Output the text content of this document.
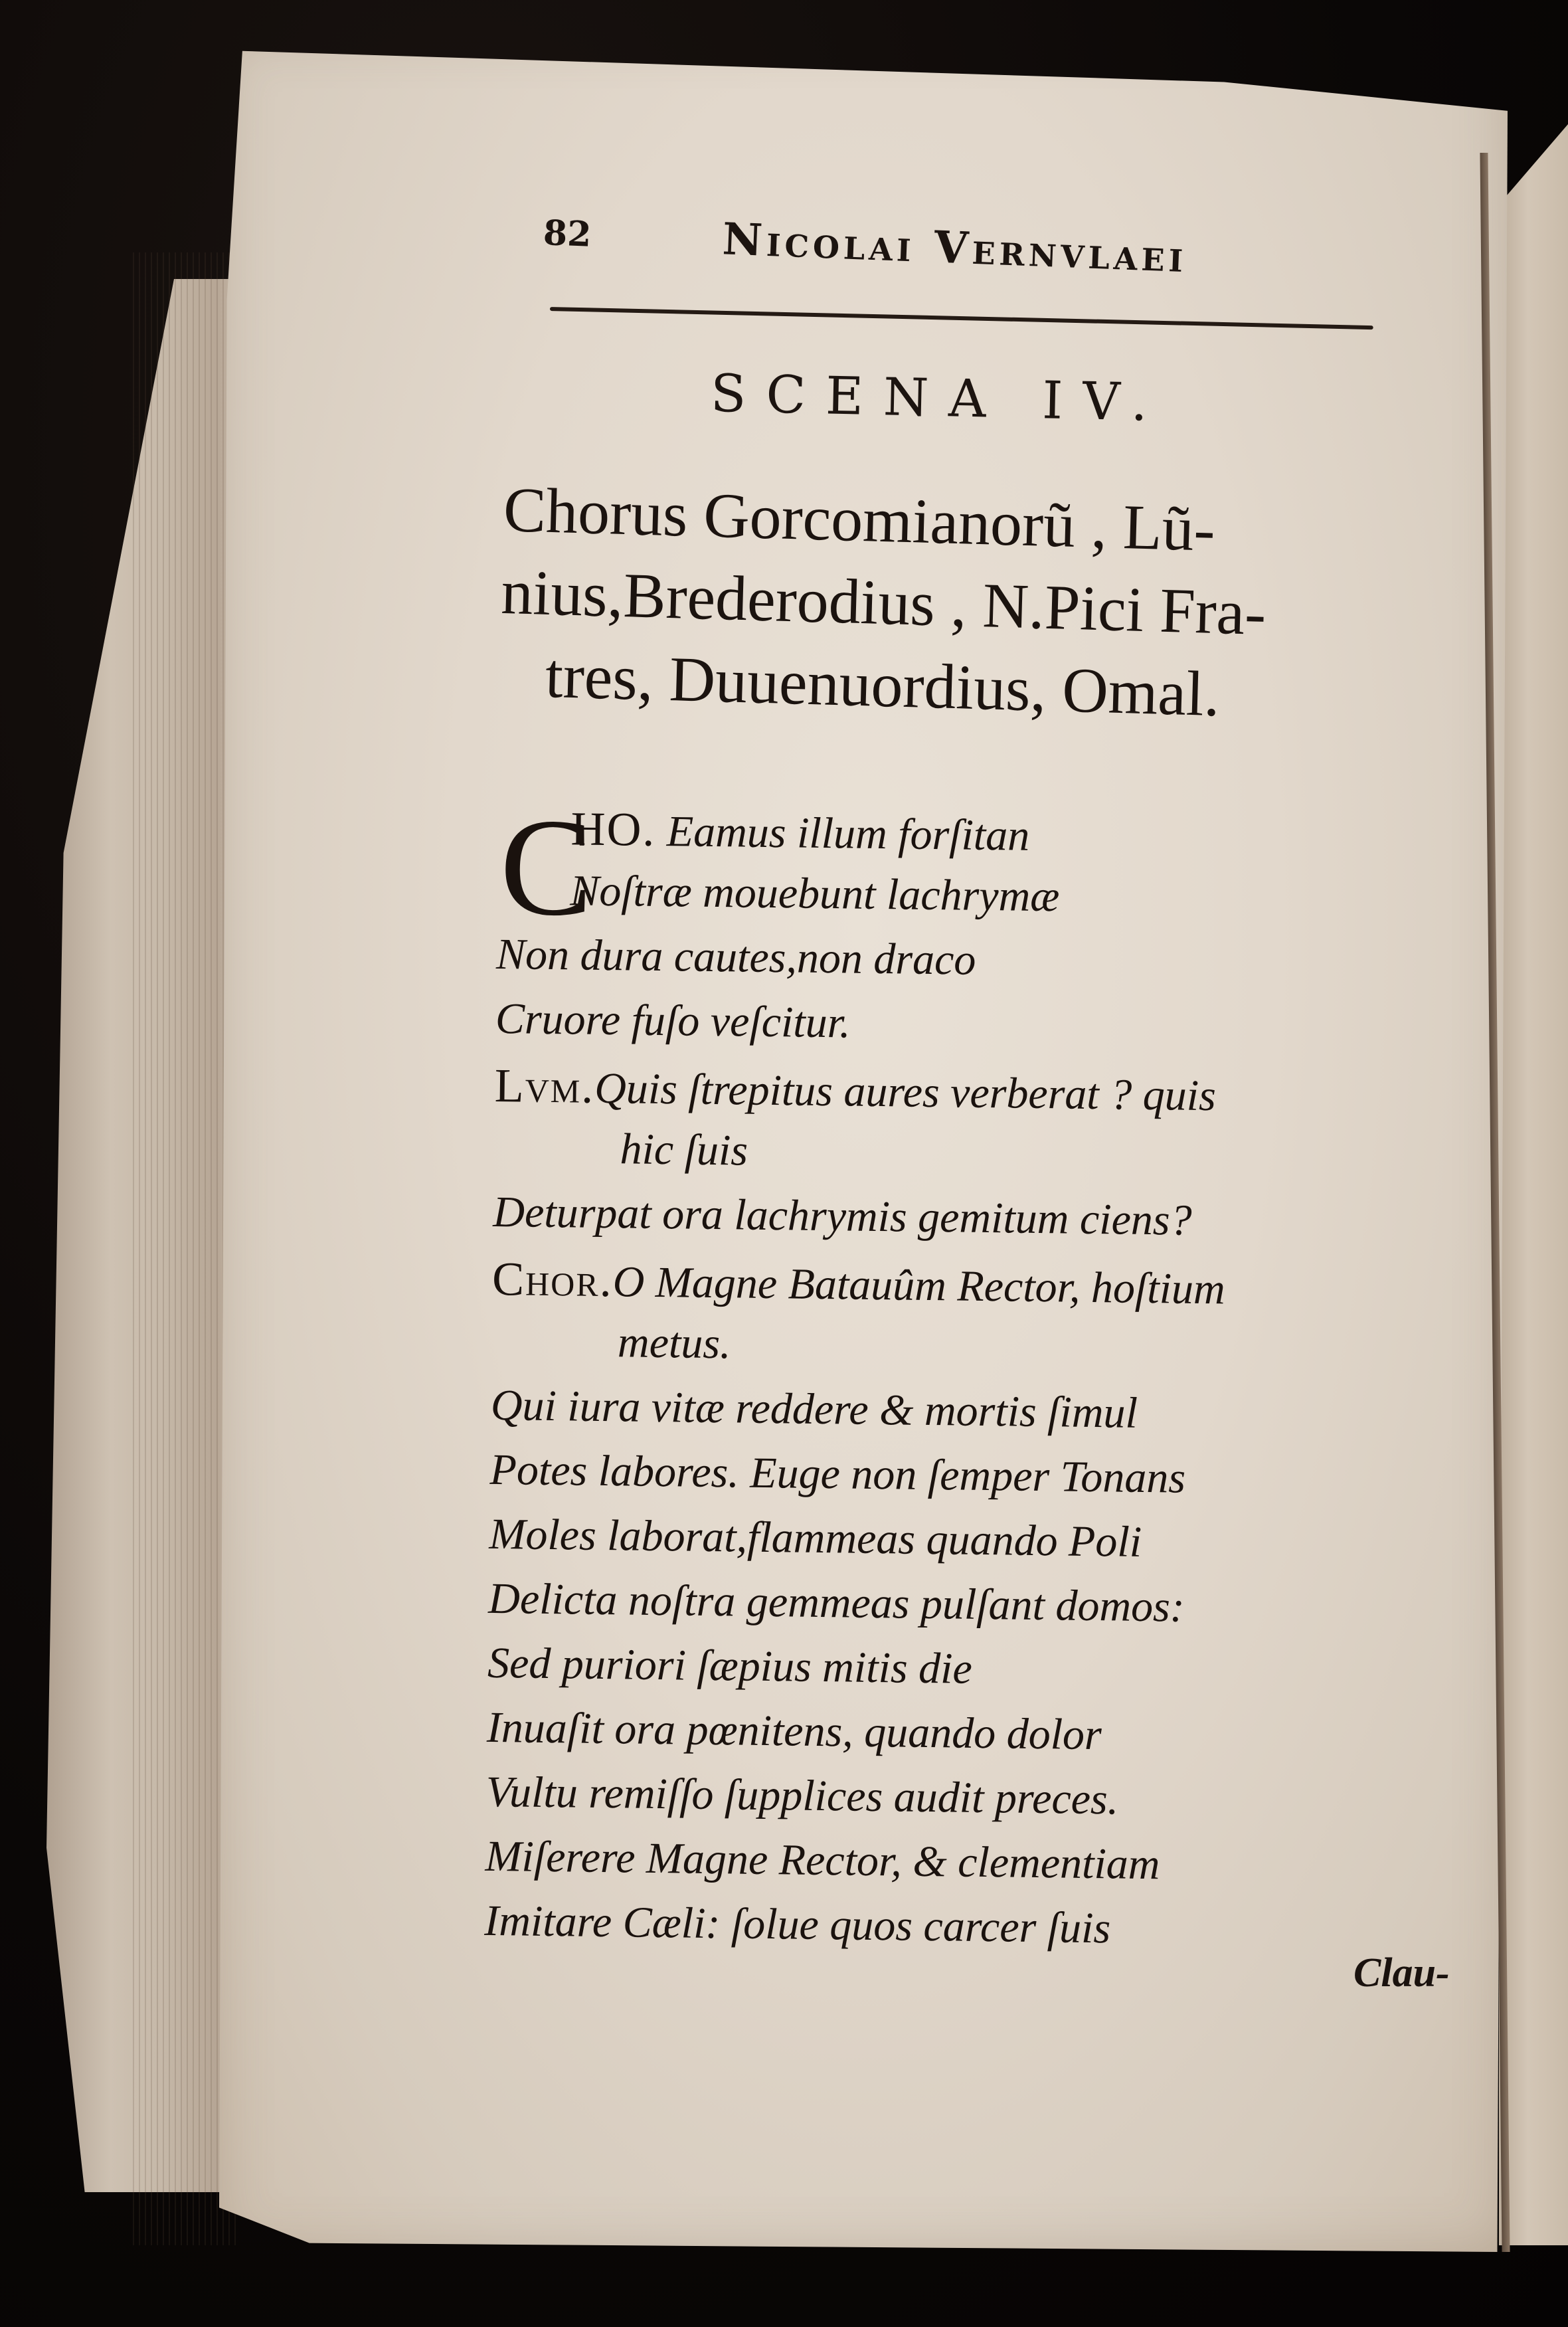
82	Nicolai Vernvlaei
SCENA IV.
Chorus Gorcomianorũ , Lũ-
nius,Brederodius , N.Pici Fra-
tres, Duuenuordius, Omal.
C
HO. Eamus illum forſitan
Noſtræ mouebunt lachrymæ
Non dura cautes,non draco
Cruore fuſo veſcitur.
Lvm.Quis ſtrepitus aures verberat ? quis
hic ſuis
Deturpat ora lachrymis gemitum ciens?
Chor.O Magne Batauûm Rector, hoſtium
metus.
Qui iura vitæ reddere & mortis ſimul
Potes labores. Euge non ſemper Tonans
Moles laborat,flammeas quando Poli
Delicta noſtra gemmeas pulſant domos:
Sed puriori ſæpius mitis die
Inuaſit ora pœnitens, quando dolor
Vultu remiſſo ſupplices audit preces.
Miſerere Magne Rector, & clementiam
Imitare Cæli: ſolue quos carcer ſuis
Clau-
